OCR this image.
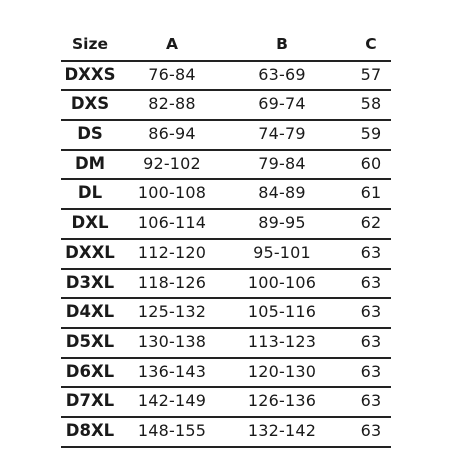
Size	A	B	C
DXXS	76-84	63-69	57
DXS	82-88	69-74	58
DS	86-94	74-79	59
DM	92-102	79-84	60
DL	100-108	84-89	61
DXL	106-114	89-95	62
DXXL	112-120	95-101	63
D3XL	118-126	100-106	63
D4XL	125-132	105-116	63
D5XL	130-138	113-123	63
D6XL	136-143	120-130	63
D7XL	142-149	126-136	63
D8XL	148-155	132-142	63
